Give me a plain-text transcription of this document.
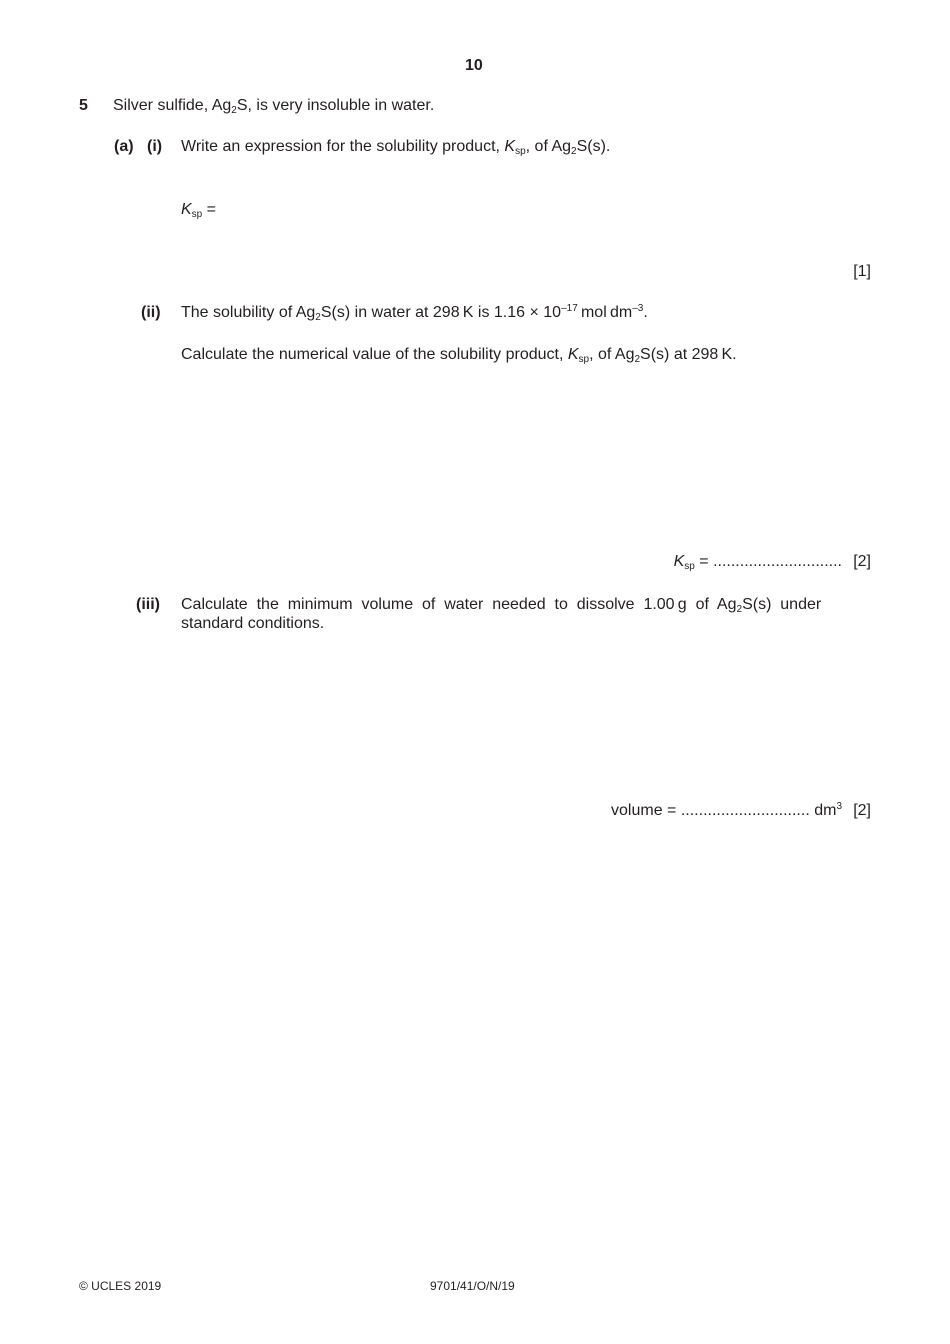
10
5 Silver sulfide, $Ag_2S$, is very insoluble in water.
(a) (i) Write an expression for the solubility product, $K_{sp}$, of $Ag_2S(s)$.
$K_{sp}$ =
[1]
(ii) The solubility of $Ag_2S(s)$ in water at 298 K is $1.16 \times 10^{-17}$ mol $dm^{-3}$.
Calculate the numerical value of the solubility product, $K_{sp}$, of $Ag_2S(s)$ at 298 K.
$K_{sp}$ = ............................. [2]
(iii) Calculate  the  minimum  volume  of  water  needed  to  dissolve  1.00 g  of  $Ag_2S(s)$  under
standard conditions.
volume = ............................. $dm^3$ [2]
© UCLES 2019	9701/41/O/N/19
